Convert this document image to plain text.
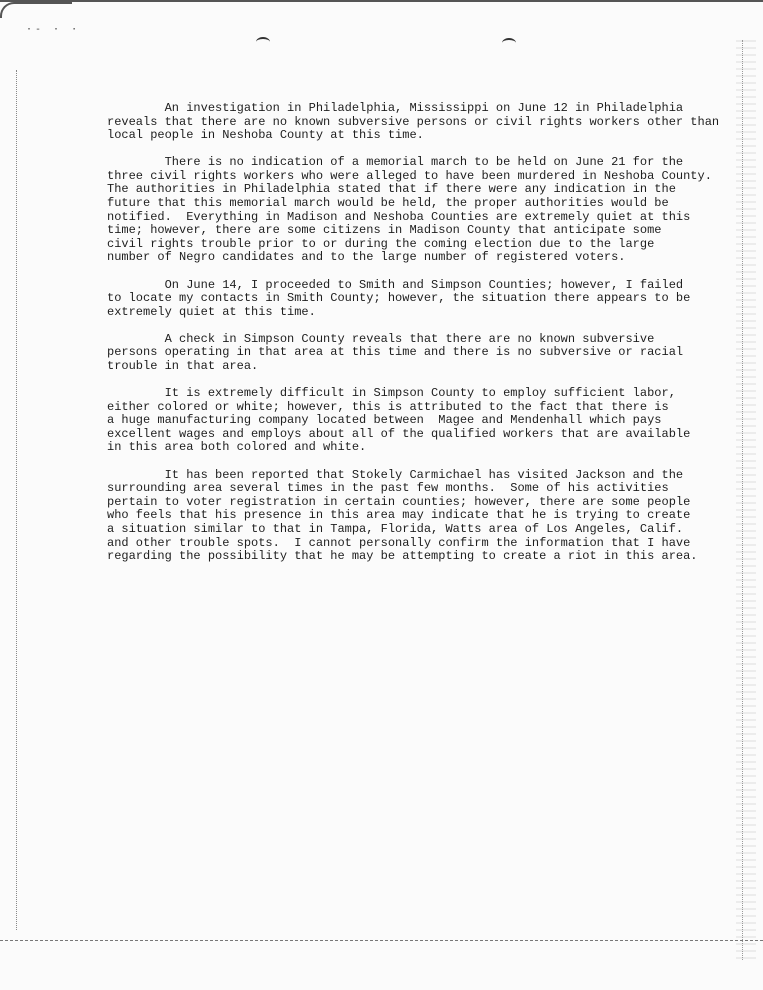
·- · ·

An investigation in Philadelphia, Mississippi on June 12 in Philadelphia
reveals that there are no known subversive persons or civil rights workers other than
local people in Neshoba County at this time.

There is no indication of a memorial march to be held on June 21 for the
three civil rights workers who were alleged to have been murdered in Neshoba County.
The authorities in Philadelphia stated that if there were any indication in the
future that this memorial march would be held, the proper authorities would be
notified.  Everything in Madison and Neshoba Counties are extremely quiet at this
time; however, there are some citizens in Madison County that anticipate some
civil rights trouble prior to or during the coming election due to the large
number of Negro candidates and to the large number of registered voters.

On June 14, I proceeded to Smith and Simpson Counties; however, I failed
to locate my contacts in Smith County; however, the situation there appears to be
extremely quiet at this time.

A check in Simpson County reveals that there are no known subversive
persons operating in that area at this time and there is no subversive or racial
trouble in that area.

It is extremely difficult in Simpson County to employ sufficient labor,
either colored or white; however, this is attributed to the fact that there is
a huge manufacturing company located between  Magee and Mendenhall which pays
excellent wages and employs about all of the qualified workers that are available
in this area both colored and white.

It has been reported that Stokely Carmichael has visited Jackson and the
surrounding area several times in the past few months.  Some of his activities
pertain to voter registration in certain counties; however, there are some people
who feels that his presence in this area may indicate that he is trying to create
a situation similar to that in Tampa, Florida, Watts area of Los Angeles, Calif.
and other trouble spots.  I cannot personally confirm the information that I have
regarding the possibility that he may be attempting to create a riot in this area.
